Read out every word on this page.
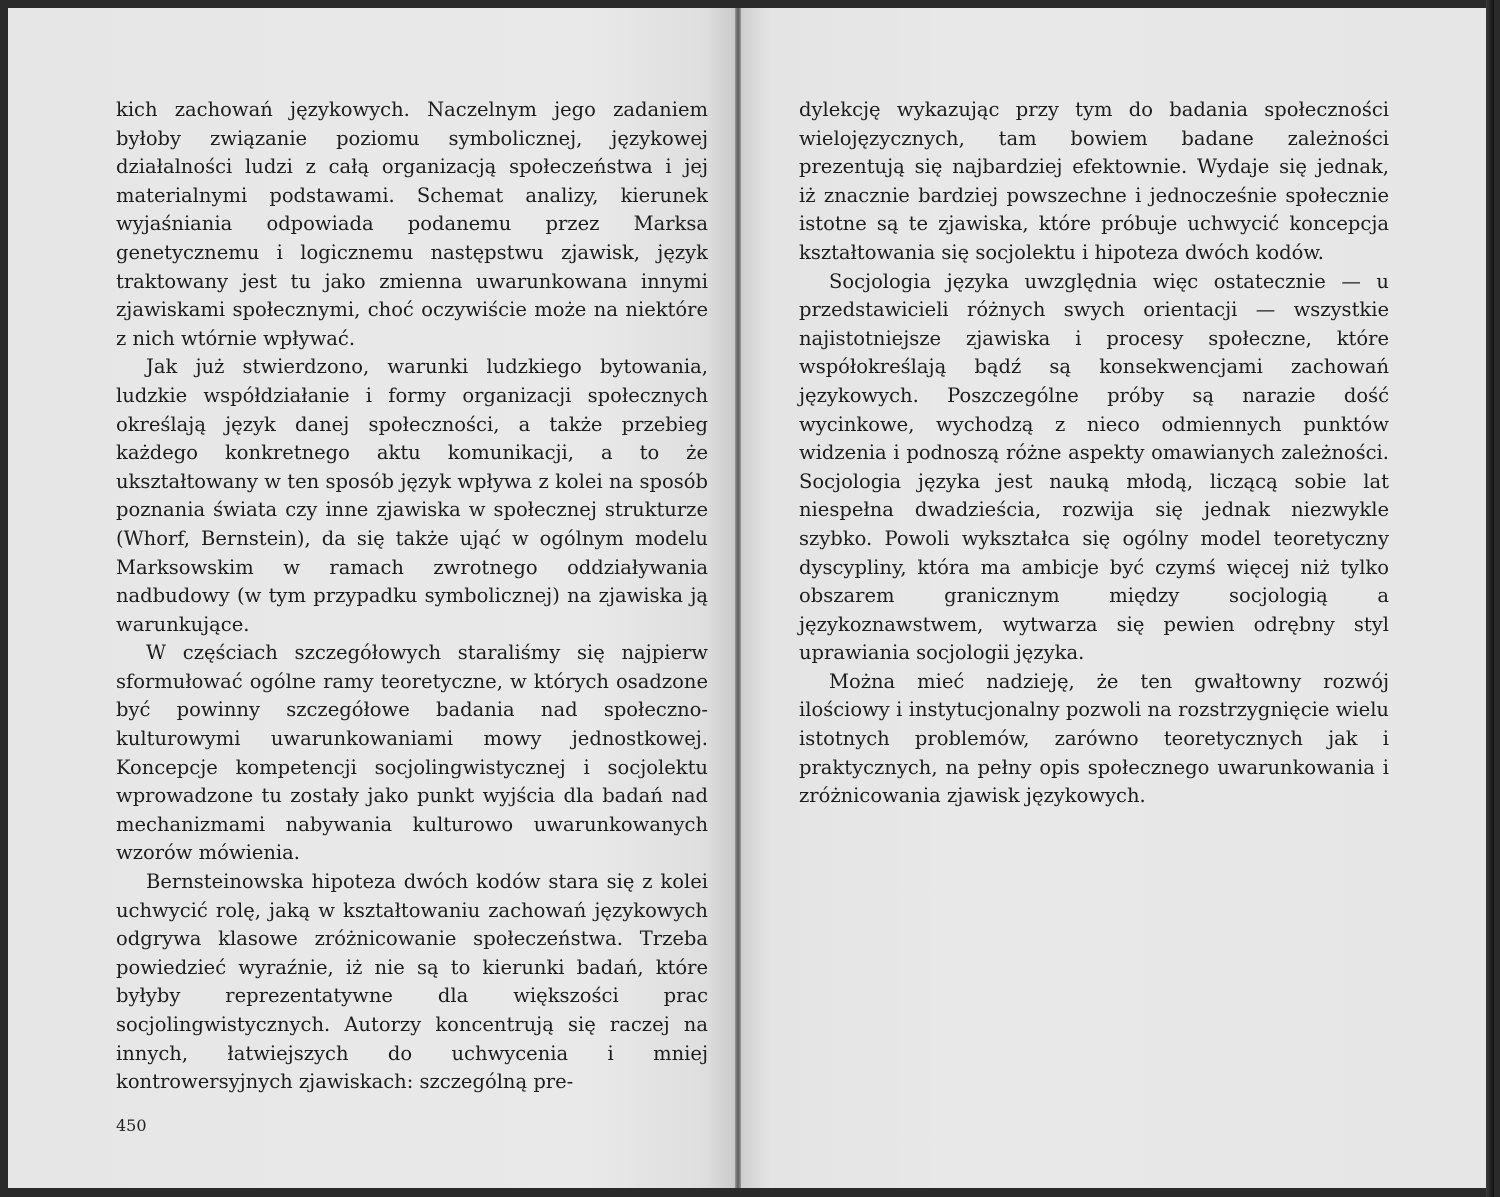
kich zachowań językowych. Naczelnym jego zadaniem byłoby związanie poziomu symbolicznej, językowej działalności ludzi z całą organizacją społeczeństwa i jej materialnymi podstawami. Schemat analizy, kierunek wyjaśniania odpowiada podanemu przez Marksa genetycznemu i logicznemu następstwu zjawisk, język traktowany jest tu jako zmienna uwarunkowana innymi zjawiskami społecznymi, choć oczywiście może na niektóre z nich wtórnie wpływać.

Jak już stwierdzono, warunki ludzkiego bytowania, ludzkie współdziałanie i formy organizacji społecznych określają język danej społeczności, a także przebieg każdego konkretnego aktu komunikacji, a to że ukształtowany w ten sposób język wpływa z kolei na sposób poznania świata czy inne zjawiska w społecznej strukturze (Whorf, Bernstein), da się także ująć w ogólnym modelu Marksowskim w ramach zwrotnego oddziaływania nadbudowy (w tym przypadku symbolicznej) na zjawiska ją warunkujące.

W częściach szczegółowych staraliśmy się najpierw sformułować ogólne ramy teoretyczne, w których osadzone być powinny szczegółowe badania nad społeczno-kulturowymi uwarunkowaniami mowy jednostkowej. Koncepcje kompetencji socjolingwistycznej i socjolektu wprowadzone tu zostały jako punkt wyjścia dla badań nad mechanizmami nabywania kulturowo uwarunkowanych wzorów mówienia.

Bernsteinowska hipoteza dwóch kodów stara się z kolei uchwycić rolę, jaką w kształtowaniu zachowań językowych odgrywa klasowe zróżnicowanie społeczeństwa. Trzeba powiedzieć wyraźnie, iż nie są to kierunki badań, które byłyby reprezentatywne dla większości prac socjolingwistycznych. Autorzy koncentrują się raczej na innych, łatwiejszych do uchwycenia i mniej kontrowersyjnych zjawiskach: szczególną pre-

450

dylekcję wykazując przy tym do badania społeczności wielojęzycznych, tam bowiem badane zależności prezentują się najbardziej efektownie. Wydaje się jednak, iż znacznie bardziej powszechne i jednocześnie społecznie istotne są te zjawiska, które próbuje uchwycić koncepcja kształtowania się socjolektu i hipoteza dwóch kodów.

Socjologia języka uwzględnia więc ostatecznie — u przedstawicieli różnych swych orientacji — wszystkie najistotniejsze zjawiska i procesy społeczne, które współokreślają bądź są konsekwencjami zachowań językowych. Poszczególne próby są narazie dość wycinkowe, wychodzą z nieco odmiennych punktów widzenia i podnoszą różne aspekty omawianych zależności. Socjologia języka jest nauką młodą, liczącą sobie lat niespełna dwadzieścia, rozwija się jednak niezwykle szybko. Powoli wykształca się ogólny model teoretyczny dyscypliny, która ma ambicje być czymś więcej niż tylko obszarem granicznym między socjologią a językoznawstwem, wytwarza się pewien odrębny styl uprawiania socjologii języka.

Można mieć nadzieję, że ten gwałtowny rozwój ilościowy i instytucjonalny pozwoli na rozstrzygnięcie wielu istotnych problemów, zarówno teoretycznych jak i praktycznych, na pełny opis społecznego uwarunkowania i zróżnicowania zjawisk językowych.
